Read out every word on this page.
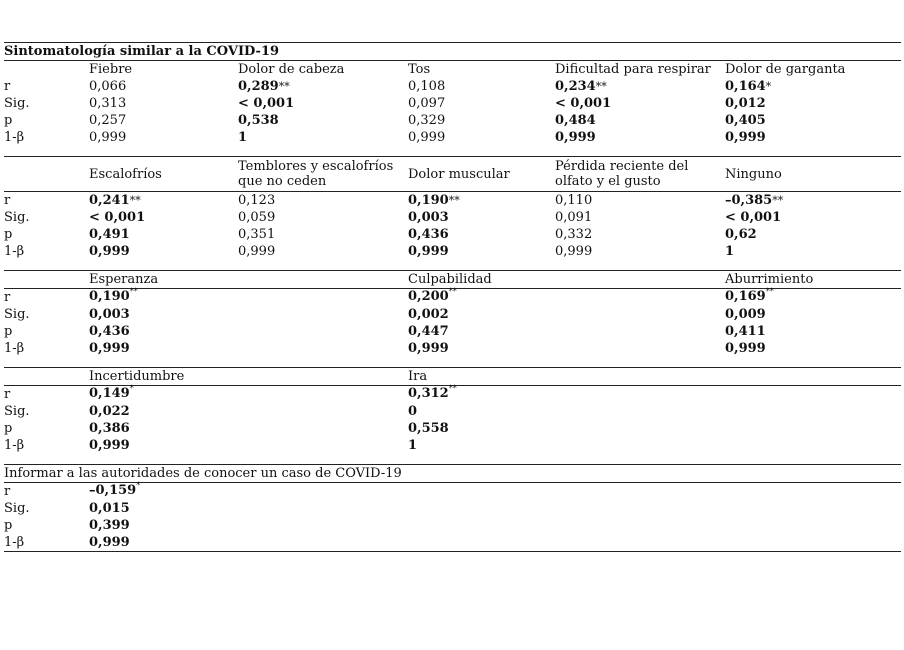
Sintomatología similar a la COVID-19					
	Fiebre	Dolor de cabeza	Tos	Dificultad para respirar	Dolor de garganta
r	0,066	0,289**	0,108	0,234**	0,164*
Sig.	0,313	< 0,001	0,097	< 0,001	0,012
p	0,257	0,538	0,329	0,484	0,405
1-β	0,999	1	0,999	0,999	0,999

	Escalofríos	Temblores y escalofríos que no ceden	Dolor muscular	Pérdida reciente del olfato y el gusto	Ninguno
r	0,241**	0,123	0,190**	0,110	–0,385**
Sig.	< 0,001	0,059	0,003	0,091	< 0,001
p	0,491	0,351	0,436	0,332	0,62
1-β	0,999	0,999	0,999	0,999	1

	Esperanza		Culpabilidad		Aburrimiento
r	0,190**		0,200**		0,169**
Sig.	0,003		0,002		0,009
p	0,436		0,447		0,411
1-β	0,999		0,999		0,999

	Incertidumbre		Ira		
r	0,149*		0,312**
Sig.	0,022		0		
p	0,386		0,558		
1-β	0,999		1		

Informar a las autoridades de conocer un caso de COVID-19					
r	–0,159*
Sig.	0,015				
p	0,399				
1-β	0,999				
